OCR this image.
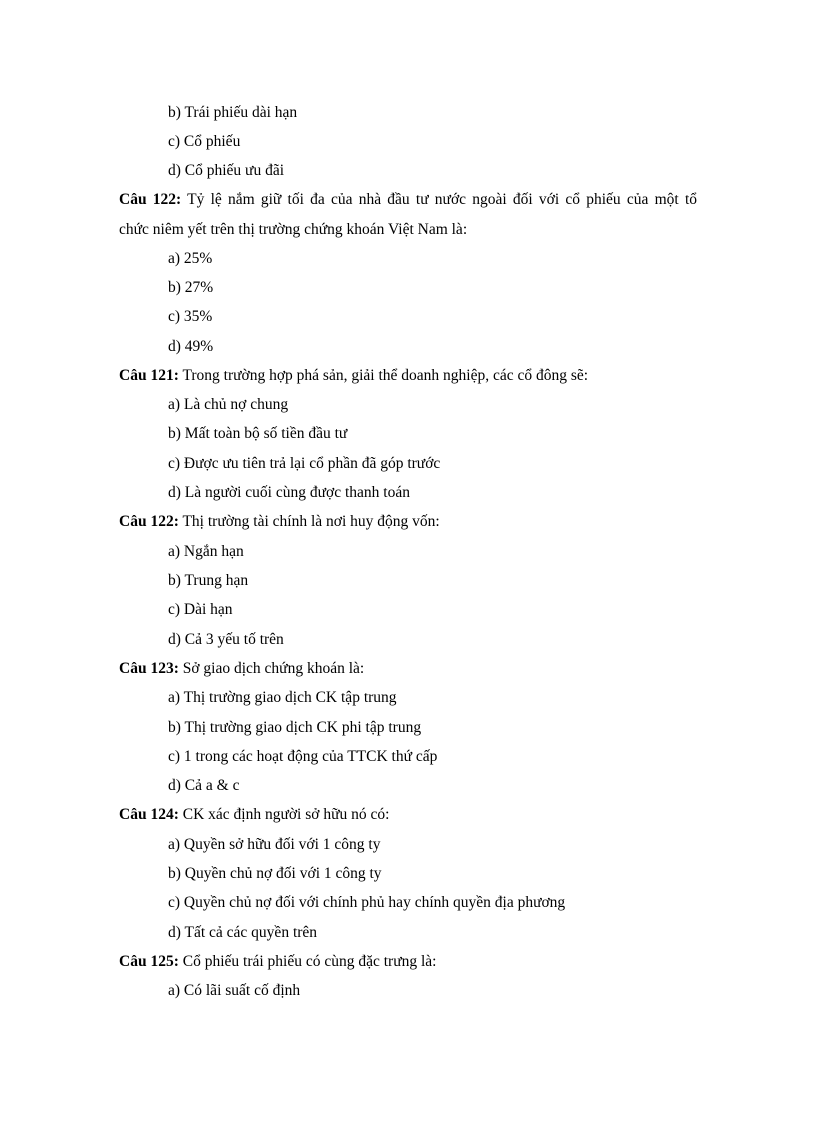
b) Trái phiếu dài hạn
c) Cổ phiếu
d) Cổ phiếu ưu đãi
Câu 122: Tỷ lệ nắm giữ tối đa của nhà đầu tư nước ngoài đối với cổ phiếu của một tổ
chức niêm yết trên thị trường chứng khoán Việt Nam là:
a) 25%
b) 27%
c) 35%
d) 49%
Câu 121: Trong trường hợp phá sản, giải thể doanh nghiệp, các cổ đông sẽ:
a) Là chủ nợ chung
b) Mất toàn bộ số tiền đầu tư
c) Được ưu tiên trả lại cổ phần đã góp trước
d) Là người cuối cùng được thanh toán
Câu 122: Thị trường tài chính là nơi huy động vốn:
a) Ngắn hạn
b) Trung hạn
c) Dài hạn
d) Cả 3 yếu tố trên
Câu 123: Sở giao dịch chứng khoán là:
a) Thị trường giao dịch CK tập trung
b) Thị trường giao dịch CK phi tập trung
c) 1 trong các hoạt động của TTCK thứ cấp
d) Cả a & c
Câu 124: CK xác định người sở hữu nó có:
a) Quyền sở hữu đối với 1 công ty
b) Quyền chủ nợ đối với 1 công ty
c) Quyền chủ nợ đối với chính phủ hay chính quyền địa phương
d) Tất cả các quyền trên
Câu 125: Cổ phiếu trái phiếu có cùng đặc trưng là:
a) Có lãi suất cố định
